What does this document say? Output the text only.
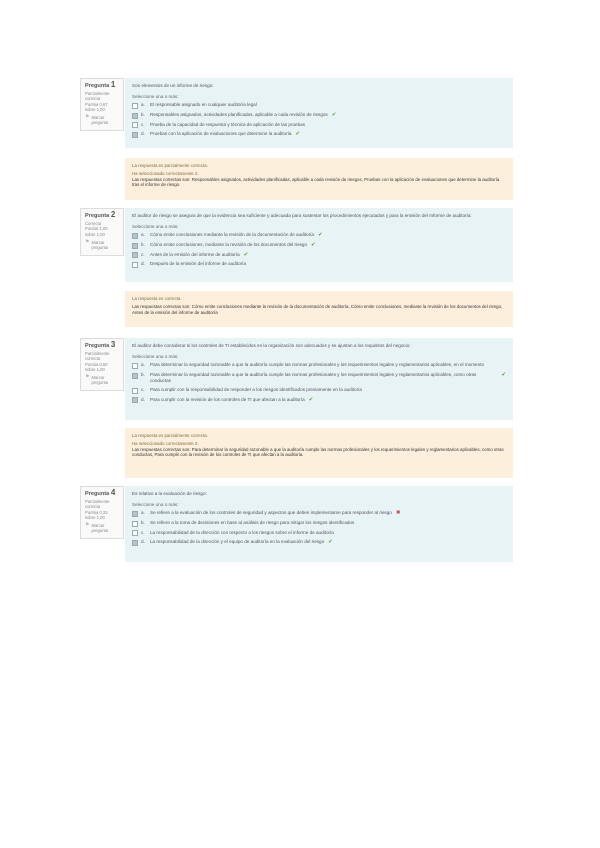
Pregunta 1
Parcialmente correcta
Puntúa 0,67 sobre 1,00
⚑ Marcar pregunta
Son elementos de un informe de riesgo:
Seleccione una o más:
a.	El responsable asignado en cualquier auditoría legal
b.	Responsables asignados, actividades planificadas, aplicable a cada revisión de riesgos ✔
c.	Prueba de la capacidad de respuesta y técnica de aplicación de las pruebas
d.	Pruebas con la aplicación de evaluaciones que determine la auditoría ✔
La respuesta es parcialmente correcta.
Ha seleccionado correctamente 2.
Las respuestas correctas son: Responsables asignados, actividades planificadas, aplicable a cada revisión de riesgos, Pruebas con la aplicación de evaluaciones que determine la auditoría tras el informe de riesgo.
Pregunta 2
Correcta
Puntúa 1,00 sobre 1,00
⚑ Marcar pregunta
El auditor de riesgo se asegura de que la evidencia sea suficiente y adecuada para sustentar los procedimientos ejecutados y para la emisión del Informe de auditoría:
Seleccione una o más:
a.	Cómo emite conclusiones mediante la revisión de la documentación de auditoría ✔
b.	Cómo emite conclusiones, mediante la revisión de los documentos del riesgo ✔
c.	Antes de la emisión del informe de auditoría ✔
d.	Después de la emisión del informe de auditoría
La respuesta es correcta.
Las respuestas correctas son: Cómo emite conclusiones mediante la revisión de la documentación de auditoría, Cómo emite conclusiones, mediante la revisión de los documentos del riesgo, Antes de la emisión del informe de auditoría
Pregunta 3
Parcialmente correcta
Puntúa 0,50 sobre 1,00
⚑ Marcar pregunta
El auditor debe considerar si los controles de TI establecidos en la organización son adecuados y se ajustan a los requisitos del negocio:
Seleccione una o más:
a.	Para determinar la seguridad razonable a que la auditoría cumple las normas profesionales y los requerimientos legales y reglamentarios aplicables, en el momento
b.	Para determinar la seguridad razonable a que la auditoría cumple las normas profesionales y los requerimientos legales y reglamentarios aplicables, como otras conductas
✔
c.	Para cumplir con la responsabilidad de responder a los riesgos identificados previamente en la auditoría
d.	Para cumplir con la revisión de los controles de TI que afectan a la auditoría ✔
La respuesta es parcialmente correcta.
Ha seleccionado correctamente 2.
Las respuestas correctas son: Para determinar la seguridad razonable a que la auditoría cumple las normas profesionales y los requerimientos legales y reglamentarios aplicables, como otras conductas, Para cumplir con la revisión de los controles de TI que afectan a la auditoría.
Pregunta 4
Parcialmente correcta
Puntúa 0,33 sobre 1,00
⚑ Marcar pregunta
Es relativo a la evaluación de riesgo:
Seleccione una o más:
a.	Se refiere a la evaluación de los controles de seguridad y aspectos que deben implementarse para responder al riesgo ✖
b.	Se refiere a la toma de decisiones en base al análisis de riesgo para mitigar los riesgos identificados
c.	La responsabilidad de la dirección con respecto a los riesgos sobre el informe de auditoría
d.	La responsabilidad de la dirección y el equipo de auditoría en la evaluación del riesgo ✔
